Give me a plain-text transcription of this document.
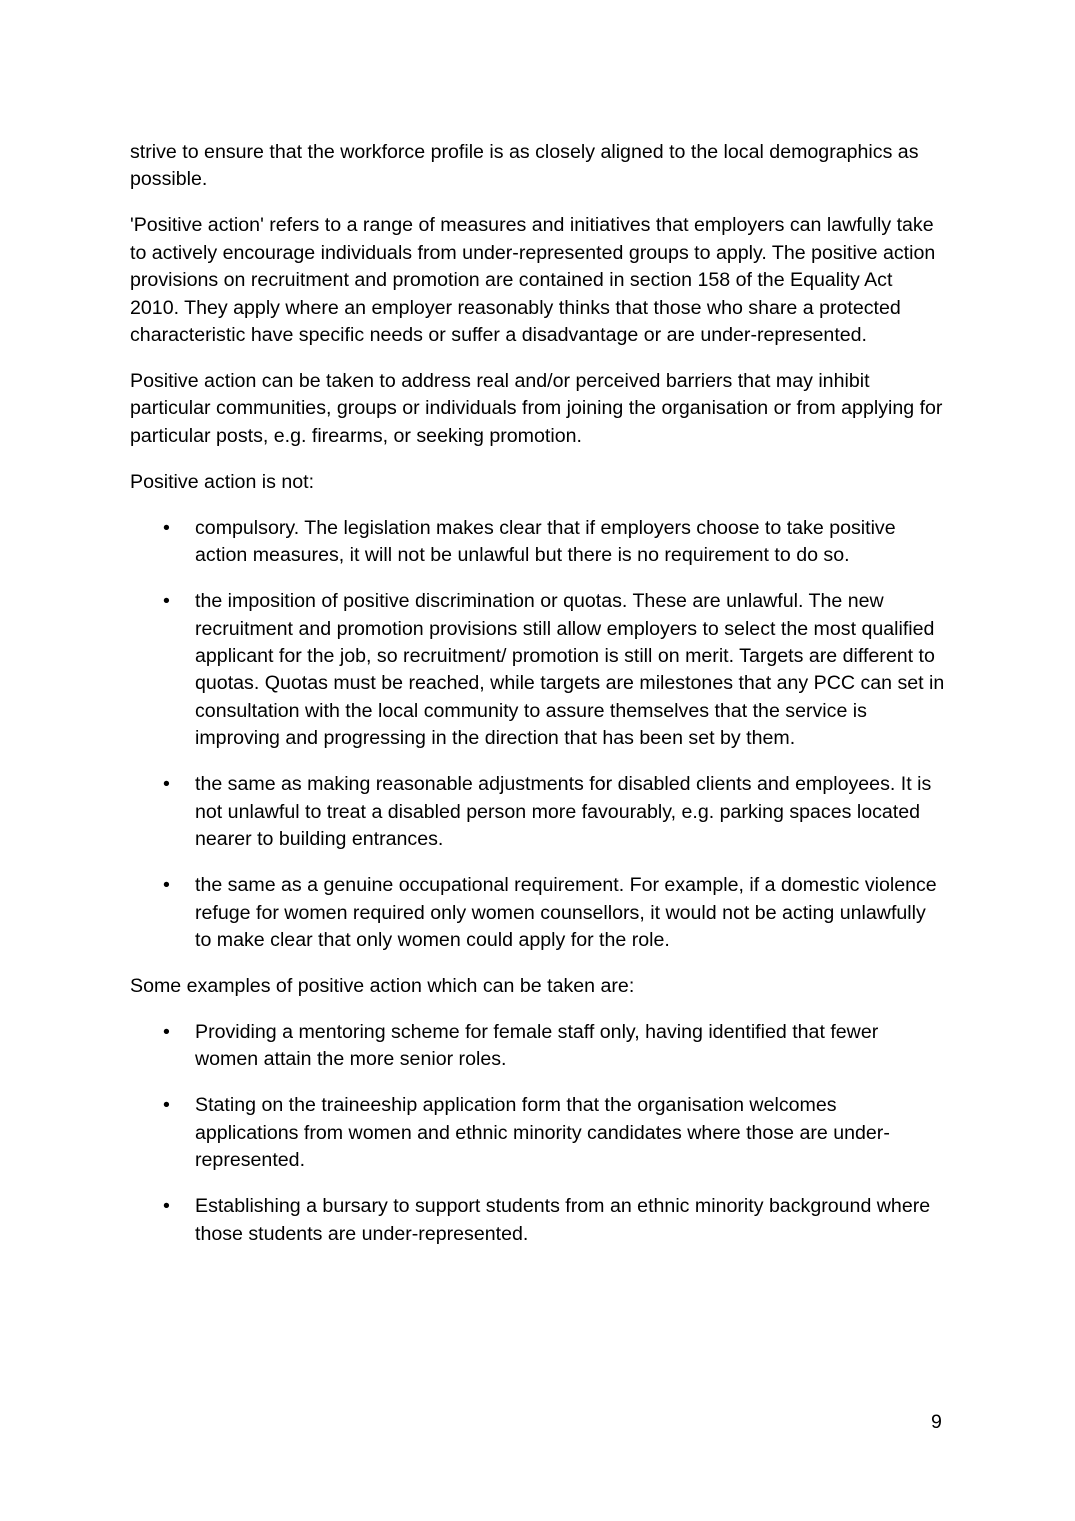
strive to ensure that the workforce profile is as closely aligned to the local demographics as possible.

'Positive action' refers to a range of measures and initiatives that employers can lawfully take to actively encourage individuals from under-represented groups to apply. The positive action provisions on recruitment and promotion are contained in section 158 of the Equality Act 2010. They apply where an employer reasonably thinks that those who share a protected characteristic have specific needs or suffer a disadvantage or are under-represented.

Positive action can be taken to address real and/or perceived barriers that may inhibit particular communities, groups or individuals from joining the organisation or from applying for particular posts, e.g. firearms, or seeking promotion.

Positive action is not:

•	compulsory. The legislation makes clear that if employers choose to take positive action measures, it will not be unlawful but there is no requirement to do so.
•	the imposition of positive discrimination or quotas. These are unlawful. The new recruitment and promotion provisions still allow employers to select the most qualified applicant for the job, so recruitment/ promotion is still on merit. Targets are different to quotas. Quotas must be reached, while targets are milestones that any PCC can set in consultation with the local community to assure themselves that the service is improving and progressing in the direction that has been set by them.
•	the same as making reasonable adjustments for disabled clients and employees. It is not unlawful to treat a disabled person more favourably, e.g. parking spaces located nearer to building entrances.
•	the same as a genuine occupational requirement. For example, if a domestic violence refuge for women required only women counsellors, it would not be acting unlawfully to make clear that only women could apply for the role.

Some examples of positive action which can be taken are:

•	Providing a mentoring scheme for female staff only, having identified that fewer women attain the more senior roles.
•	Stating on the traineeship application form that the organisation welcomes applications from women and ethnic minority candidates where those are under-represented.
•	Establishing a bursary to support students from an ethnic minority background where those students are under-represented.
9
